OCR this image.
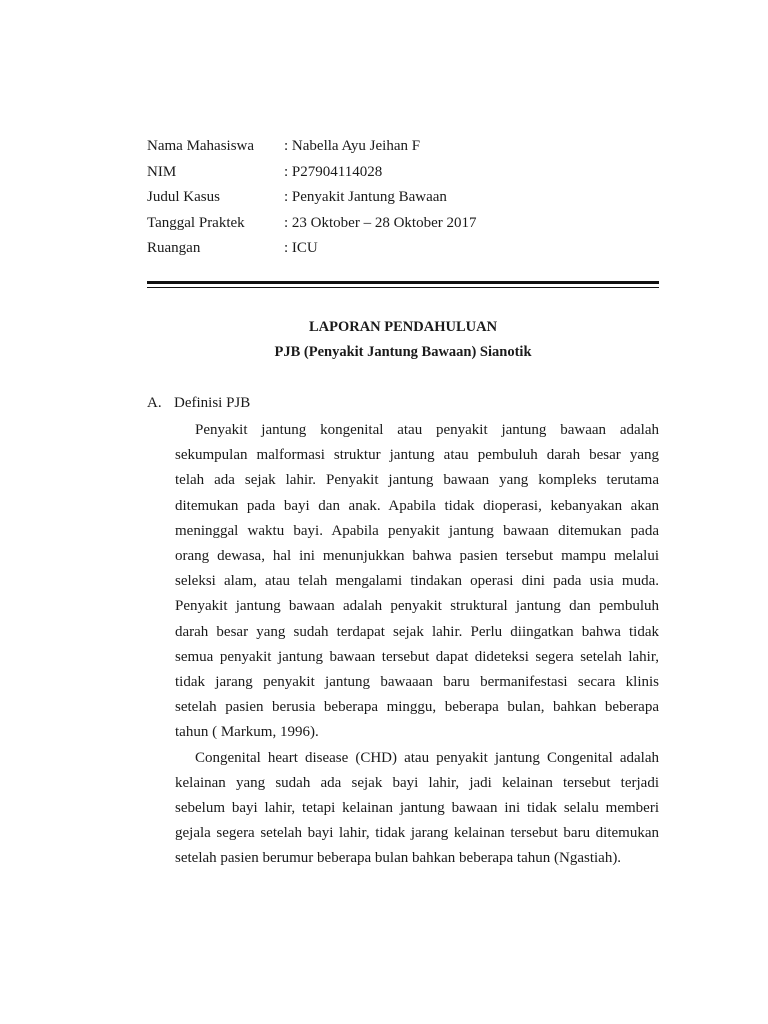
Nama Mahasiswa : Nabella Ayu Jeihan F
NIM	: P27904114028
Judul Kasus	: Penyakit Jantung Bawaan
Tanggal Praktek	: 23 Oktober – 28 Oktober 2017
Ruangan	: ICU
LAPORAN PENDAHULUAN
PJB (Penyakit Jantung Bawaan) Sianotik
A. Definisi PJB
Penyakit jantung kongenital atau penyakit jantung bawaan adalah
sekumpulan malformasi struktur jantung atau pembuluh darah besar yang
telah ada sejak lahir. Penyakit jantung bawaan yang kompleks terutama
ditemukan pada bayi dan anak. Apabila tidak dioperasi, kebanyakan akan
meninggal waktu bayi. Apabila penyakit jantung bawaan ditemukan pada
orang dewasa, hal ini menunjukkan bahwa pasien tersebut mampu melalui
seleksi alam, atau telah mengalami tindakan operasi dini pada usia muda.
Penyakit jantung bawaan adalah penyakit struktural jantung dan pembuluh
darah besar yang sudah terdapat sejak lahir. Perlu diingatkan bahwa tidak
semua penyakit jantung bawaan tersebut dapat dideteksi segera setelah lahir,
tidak jarang penyakit jantung bawaaan baru bermanifestasi secara klinis
setelah pasien berusia beberapa minggu, beberapa bulan, bahkan beberapa
tahun ( Markum, 1996).
Congenital heart disease (CHD) atau penyakit jantung Congenital adalah
kelainan yang sudah ada sejak bayi lahir, jadi kelainan tersebut terjadi
sebelum bayi lahir, tetapi kelainan jantung bawaan ini tidak selalu memberi
gejala segera setelah bayi lahir, tidak jarang kelainan tersebut baru ditemukan
setelah pasien berumur beberapa bulan bahkan beberapa tahun (Ngastiah).
